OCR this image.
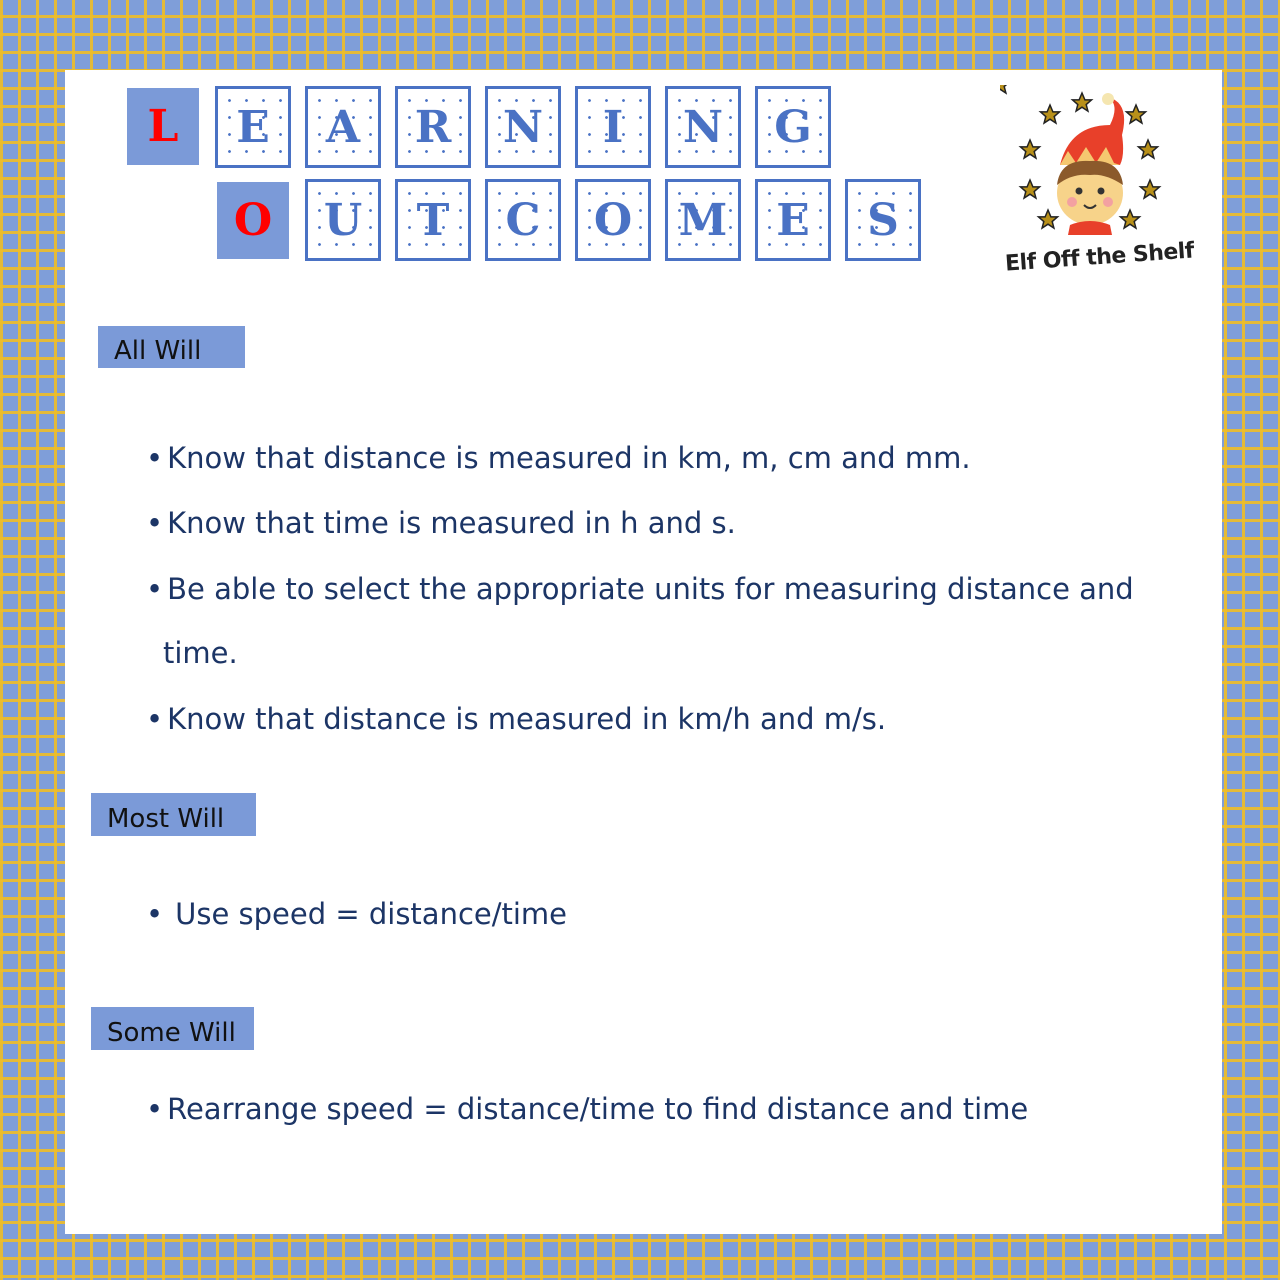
L	E	A	R	N	I	N	G
O	U	T	C	O	M	E	S
Elf Off the Shelf
All Will
• Know that distance is measured in km, m, cm and mm.
• Know that time is measured in h and s.
• Be able to select the appropriate units for measuring distance and
time.
• Know that distance is measured in km/h and m/s.
Most Will
• Use speed = distance/time
Some Will
• Rearrange speed = distance/time to find distance and time
